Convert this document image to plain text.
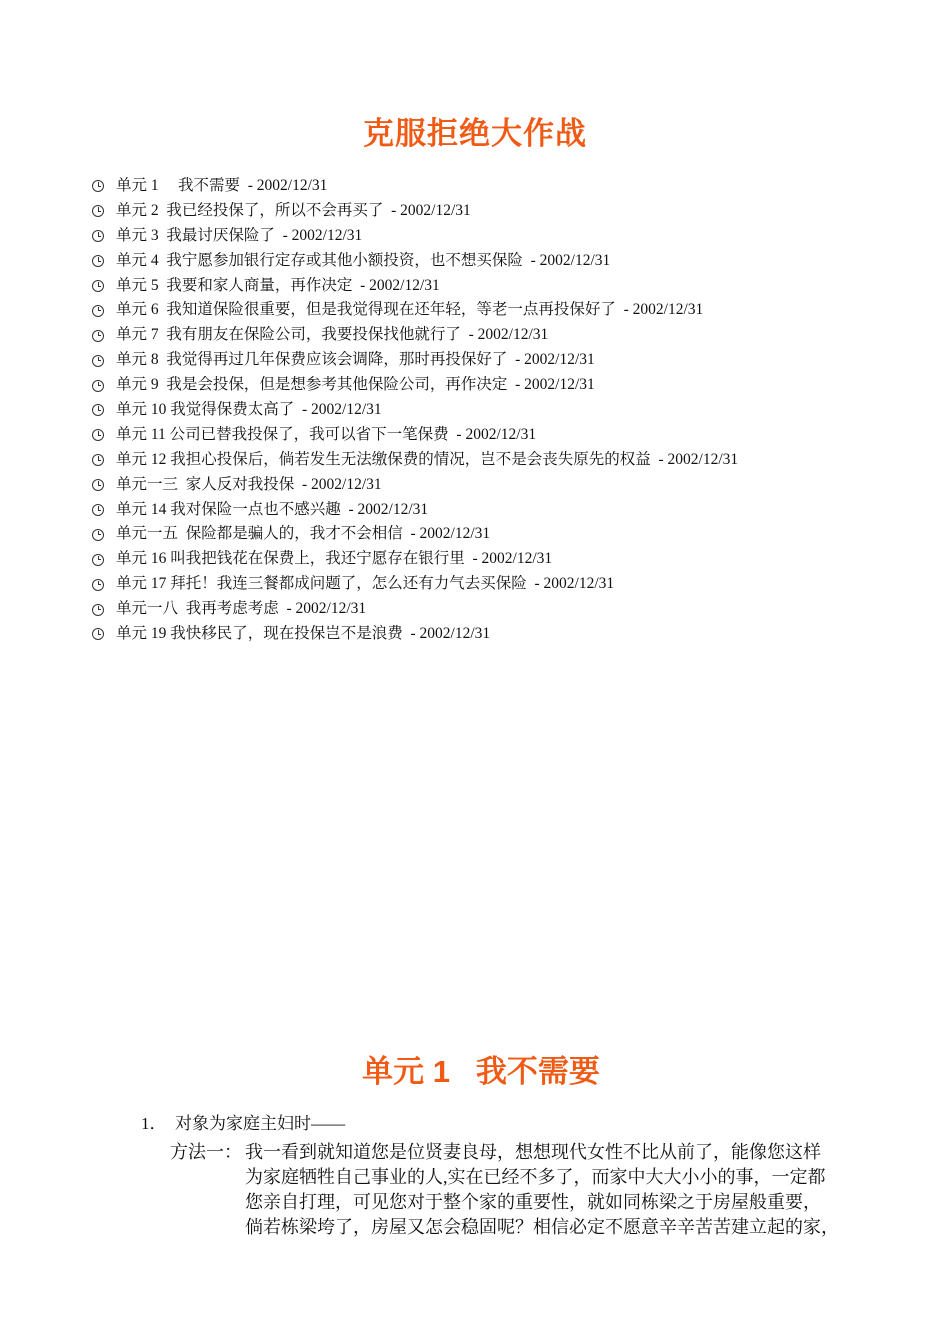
克服拒绝大作战
单元 1     我不需要  - 2002/12/31
单元 2  我已经投保了，所以不会再买了  - 2002/12/31
单元 3  我最讨厌保险了  - 2002/12/31
单元 4  我宁愿参加银行定存或其他小额投资，也不想买保险  - 2002/12/31
单元 5  我要和家人商量，再作决定  - 2002/12/31
单元 6  我知道保险很重要，但是我觉得现在还年轻，等老一点再投保好了  - 2002/12/31
单元 7  我有朋友在保险公司，我要投保找他就行了  - 2002/12/31
单元 8  我觉得再过几年保费应该会调降，那时再投保好了  - 2002/12/31
单元 9  我是会投保，但是想参考其他保险公司，再作决定  - 2002/12/31
单元 10 我觉得保费太高了  - 2002/12/31
单元 11 公司已替我投保了，我可以省下一笔保费  - 2002/12/31
单元 12 我担心投保后，倘若发生无法缴保费的情况，岂不是会丧失原先的权益  - 2002/12/31
单元一三  家人反对我投保  - 2002/12/31
单元 14 我对保险一点也不感兴趣  - 2002/12/31
单元一五  保险都是骗人的，我才不会相信  - 2002/12/31
单元 16 叫我把钱花在保费上，我还宁愿存在银行里  - 2002/12/31
单元 17 拜托！我连三餐都成问题了，怎么还有力气去买保险  - 2002/12/31
单元一八  我再考虑考虑  - 2002/12/31
单元 19 我快移民了，现在投保岂不是浪费  - 2002/12/31
单元 1   我不需要
1．  对象为家庭主妇时——
方法一： 我一看到就知道您是位贤妻良母，想想现代女性不比从前了，能像您这样
为家庭牺牲自己事业的人,实在已经不多了，而家中大大小小的事，一定都
您亲自打理，可见您对于整个家的重要性，就如同栋梁之于房屋般重要，
倘若栋梁垮了，房屋又怎会稳固呢？相信必定不愿意辛辛苦苦建立起的家，
